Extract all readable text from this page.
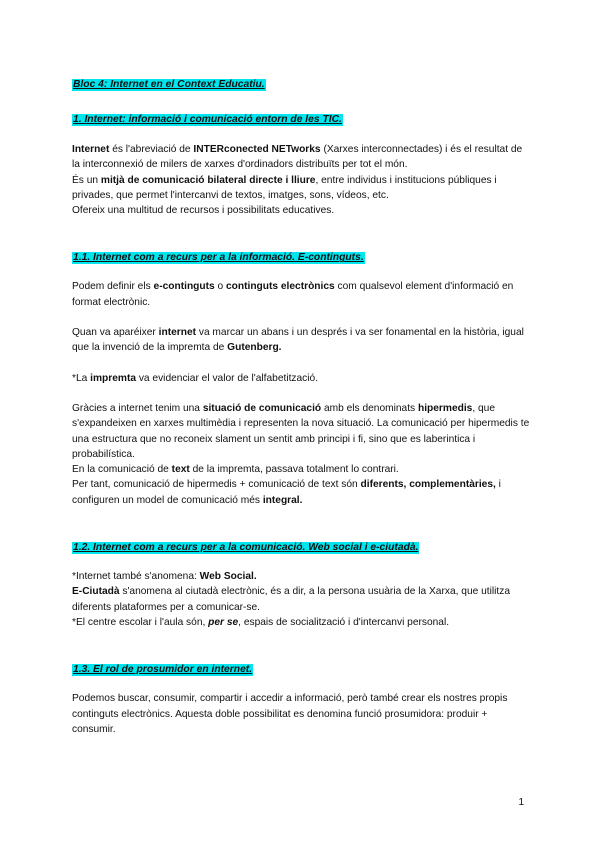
Bloc 4: Internet en el Context Educatiu.
1. Internet: informació i comunicació entorn de les TIC.

Internet és l'abreviació de INTERconected NETworks (Xarxes interconnectades) i és el resultat de la interconnexió de milers de xarxes d'ordinadors distribuïts per tot el món.

És un mitjà de comunicació bilateral directe i lliure, entre individus i institucions públiques i privades, que permet l'intercanvi de textos, imatges, sons, vídeos, etc.

Ofereix una multitud de recursos i possibilitats educatives.

1.1. Internet com a recurs per a la informació. E-continguts.

Podem definir els e-continguts o continguts electrònics com qualsevol element d'informació en format electrònic.

Quan va aparéixer internet va marcar un abans i un després i va ser fonamental en la història, igual que la invenció de la impremta de Gutenberg.

*La impremta va evidenciar el valor de l'alfabetització.

Gràcies a internet tenim una situació de comunicació amb els denominats hipermedis, que s'expandeixen en xarxes multimèdia i representen la nova situació. La comunicació per hipermedis te una estructura que no reconeix slament un sentit amb principi i fi, sino que es laberintica i probabilística.

En la comunicació de text de la impremta, passava totalment lo contrari.

Per tant, comunicació de hipermedis + comunicació de text són diferents, complementàries, i configuren un model de comunicació més integral.

1.2. Internet com a recurs per a la comunicació. Web social i e-ciutadà.

*Internet també s'anomena: Web Social.

E-Ciutadà s'anomena al ciutadà electrònic, és a dir, a la persona usuària de la Xarxa, que utilitza diferents plataformes per a comunicar-se.

*El centre escolar i l'aula són, per se, espais de socialització i d'intercanvi personal.

1.3. El rol de prosumidor en internet.

Podemos buscar, consumir, compartir i accedir a informació, però també crear els nostres propis continguts electrònics. Aquesta doble possibilitat es denomina funció prosumidora: produir + consumir.

1
